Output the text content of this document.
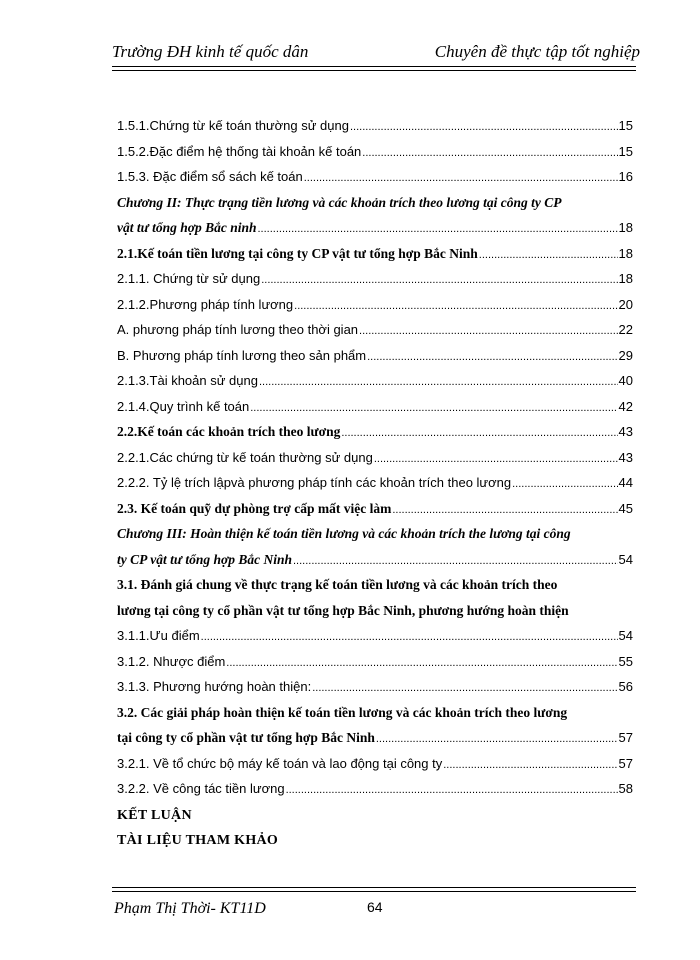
Trường ĐH kinh tế quốc dân	Chuyên đề thực tập tốt nghiệp
1.5.1.Chứng từ kế toán thường sử dụng .....	15
1.5.2.Đặc điểm hệ thống tài khoản kế toán .....	15
1.5.3. Đặc điểm sổ sách kế toán .....	16
Chương II: Thực trạng tiền lương và các khoản trích theo lương tại công ty CP
vật tư tổng hợp Bắc ninh .....	18
2.1.Kế toán tiền lương tại công ty CP vật tư tổng hợp Bắc Ninh .....	18
2.1.1. Chứng từ sử dụng .....	18
2.1.2.Phương pháp tính lương .....	20
A. phương pháp tính lương theo thời gian .....	22
B. Phương pháp tính lương theo sản phẩm .....	29
2.1.3.Tài khoản sử dụng .....	40
2.1.4.Quy trình kế toán .....	42
2.2.Kế toán các khoản trích theo lương .....	43
2.2.1.Các chứng từ kế toán thường sử dụng .....	43
2.2.2. Tỷ lệ trích lậpvà phương pháp tính các khoản trích theo lương .....	44
2.3. Kế toán quỹ dự phòng trợ cấp mất việc làm .....	45
Chương III: Hoàn thiện kế toán tiền lương và các khoản trích the lương tại công
ty CP vật tư tổng hợp Bắc Ninh .....	54
3.1. Đánh giá chung về thực trạng kế toán tiền lương và các khoản trích theo
lương tại công ty cổ phần vật tư tổng hợp Bắc Ninh, phương hướng hoàn thiện
3.1.1.Ưu điểm .....	54
3.1.2. Nhược điểm .....	55
3.1.3. Phương hướng hoàn thiện: .....	56
3.2. Các giải pháp hoàn thiện kế toán tiền lương và các khoản trích theo lương
tại công ty cổ phần vật tư tổng hợp Bắc Ninh .....	57
3.2.1. Về tổ chức bộ máy kế toán và lao động tại công ty .....	57
3.2.2. Về công tác tiền lương .....	58
KẾT LUẬN
TÀI LIỆU THAM KHẢO
Phạm Thị Thời- KT11D	64
